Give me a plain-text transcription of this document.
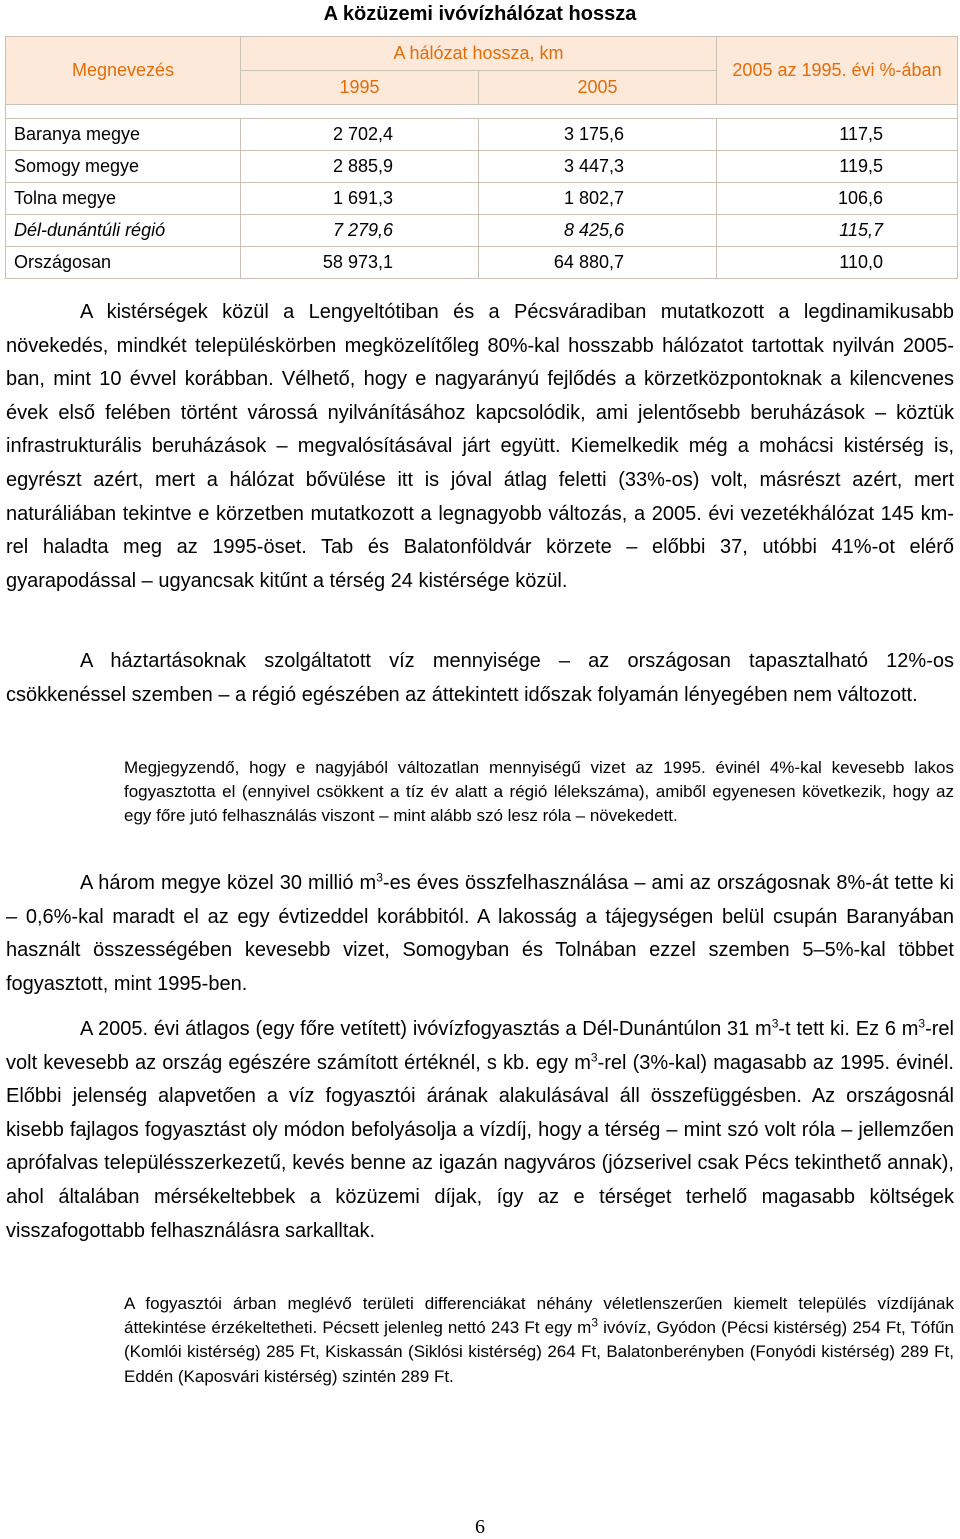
A közüzemi ivóvízhálózat hossza
Megnevezés	A hálózat hossza, km		2005 az 1995. évi %-ában
	1995	2005	

Baranya megye	2 702,4	3 175,6	117,5
Somogy megye	2 885,9	3 447,3	119,5
Tolna megye	1 691,3	1 802,7	106,6
Dél-dunántúli régió	7 279,6	8 425,6	115,7
Országosan	58 973,1	64 880,7	110,0

A kistérségek közül a Lengyeltótiban és a Pécsváradiban mutatkozott a legdinamikusabb növekedés, mindkét településkörben megközelítőleg 80%-kal hosszabb hálózatot tartottak nyilván 2005-ban, mint 10 évvel korábban. Vélhető, hogy e nagyarányú fejlődés a körzetközpontoknak a kilencvenes évek első felében történt várossá nyilvánításához kapcsolódik, ami jelentősebb beruházások – köztük infrastrukturális beruházások – megvalósításával járt együtt. Kiemelkedik még a mohácsi kistérség is, egyrészt azért, mert a hálózat bővülése itt is jóval átlag feletti (33%-os) volt, másrészt azért, mert naturáliában tekintve e körzetben mutatkozott a legnagyobb változás, a 2005. évi vezetékhálózat 145 km-rel haladta meg az 1995-öset. Tab és Balatonföldvár körzete – előbbi 37, utóbbi 41%-ot elérő gyarapodással – ugyancsak kitűnt a térség 24 kistérsége közül.

A háztartásoknak szolgáltatott víz mennyisége – az országosan tapasztalható 12%-os csökkenéssel szemben – a régió egészében az áttekintett időszak folyamán lényegében nem változott.

Megjegyzendő, hogy e nagyjából változatlan mennyiségű vizet az 1995. évinél 4%-kal kevesebb lakos fogyasztotta el (ennyivel csökkent a tíz év alatt a régió lélekszáma), amiből egyenesen következik, hogy az egy főre jutó felhasználás viszont – mint alább szó lesz róla – növekedett.

A három megye közel 30 millió $m^3-es$ éves összfelhasználása – ami az országosnak 8%-át tette ki – 0,6%-kal maradt el az egy évtizeddel korábbitól. A lakosság a tájegységen belül csupán Baranyában használt összességében kevesebb vizet, Somogyban és Tolnában ezzel szemben 5–5%-kal többet fogyasztott, mint 1995-ben.

A 2005. évi átlagos (egy főre vetített) ivóvízfogyasztás a Dél-Dunántúlon 31 $m^3-t$ tett ki. Ez 6 $m^3$-rel volt kevesebb az ország egészére számított értéknél, s kb. egy $m^3$-rel (3%-kal) magasabb az 1995. évinél. Előbbi jelenség alapvetően a víz fogyasztói árának alakulásával áll összefüggésben. Az országosnál kisebb fajlagos fogyasztást oly módon befolyásolja a vízdíj, hogy a térség – mint szó volt róla – jellemzően aprófalvas településszerkezetű, kevés benne az igazán nagyváros (józserivel csak Pécs tekinthető annak), ahol általában mérsékeltebbek a közüzemi díjak, így az e térséget terhelő magasabb költségek visszafogottabb felhasználásra sarkalltak.

A fogyasztói árban meglévő területi differenciákat néhány véletlenszerűen kiemelt település vízdíjának áttekintése érzékeltetheti. Pécsett jelenleg nettó 243 Ft egy $m^3$ ivóvíz, Gyódon (Pécsi kistérség) 254 Ft, Tófűn (Komlói kistérség) 285 Ft, Kiskassán (Siklósi kistérség) 264 Ft, Balatonberényben (Fonyódi kistérség) 289 Ft, Eddén (Kaposvári kistérség) szintén 289 Ft.

6
